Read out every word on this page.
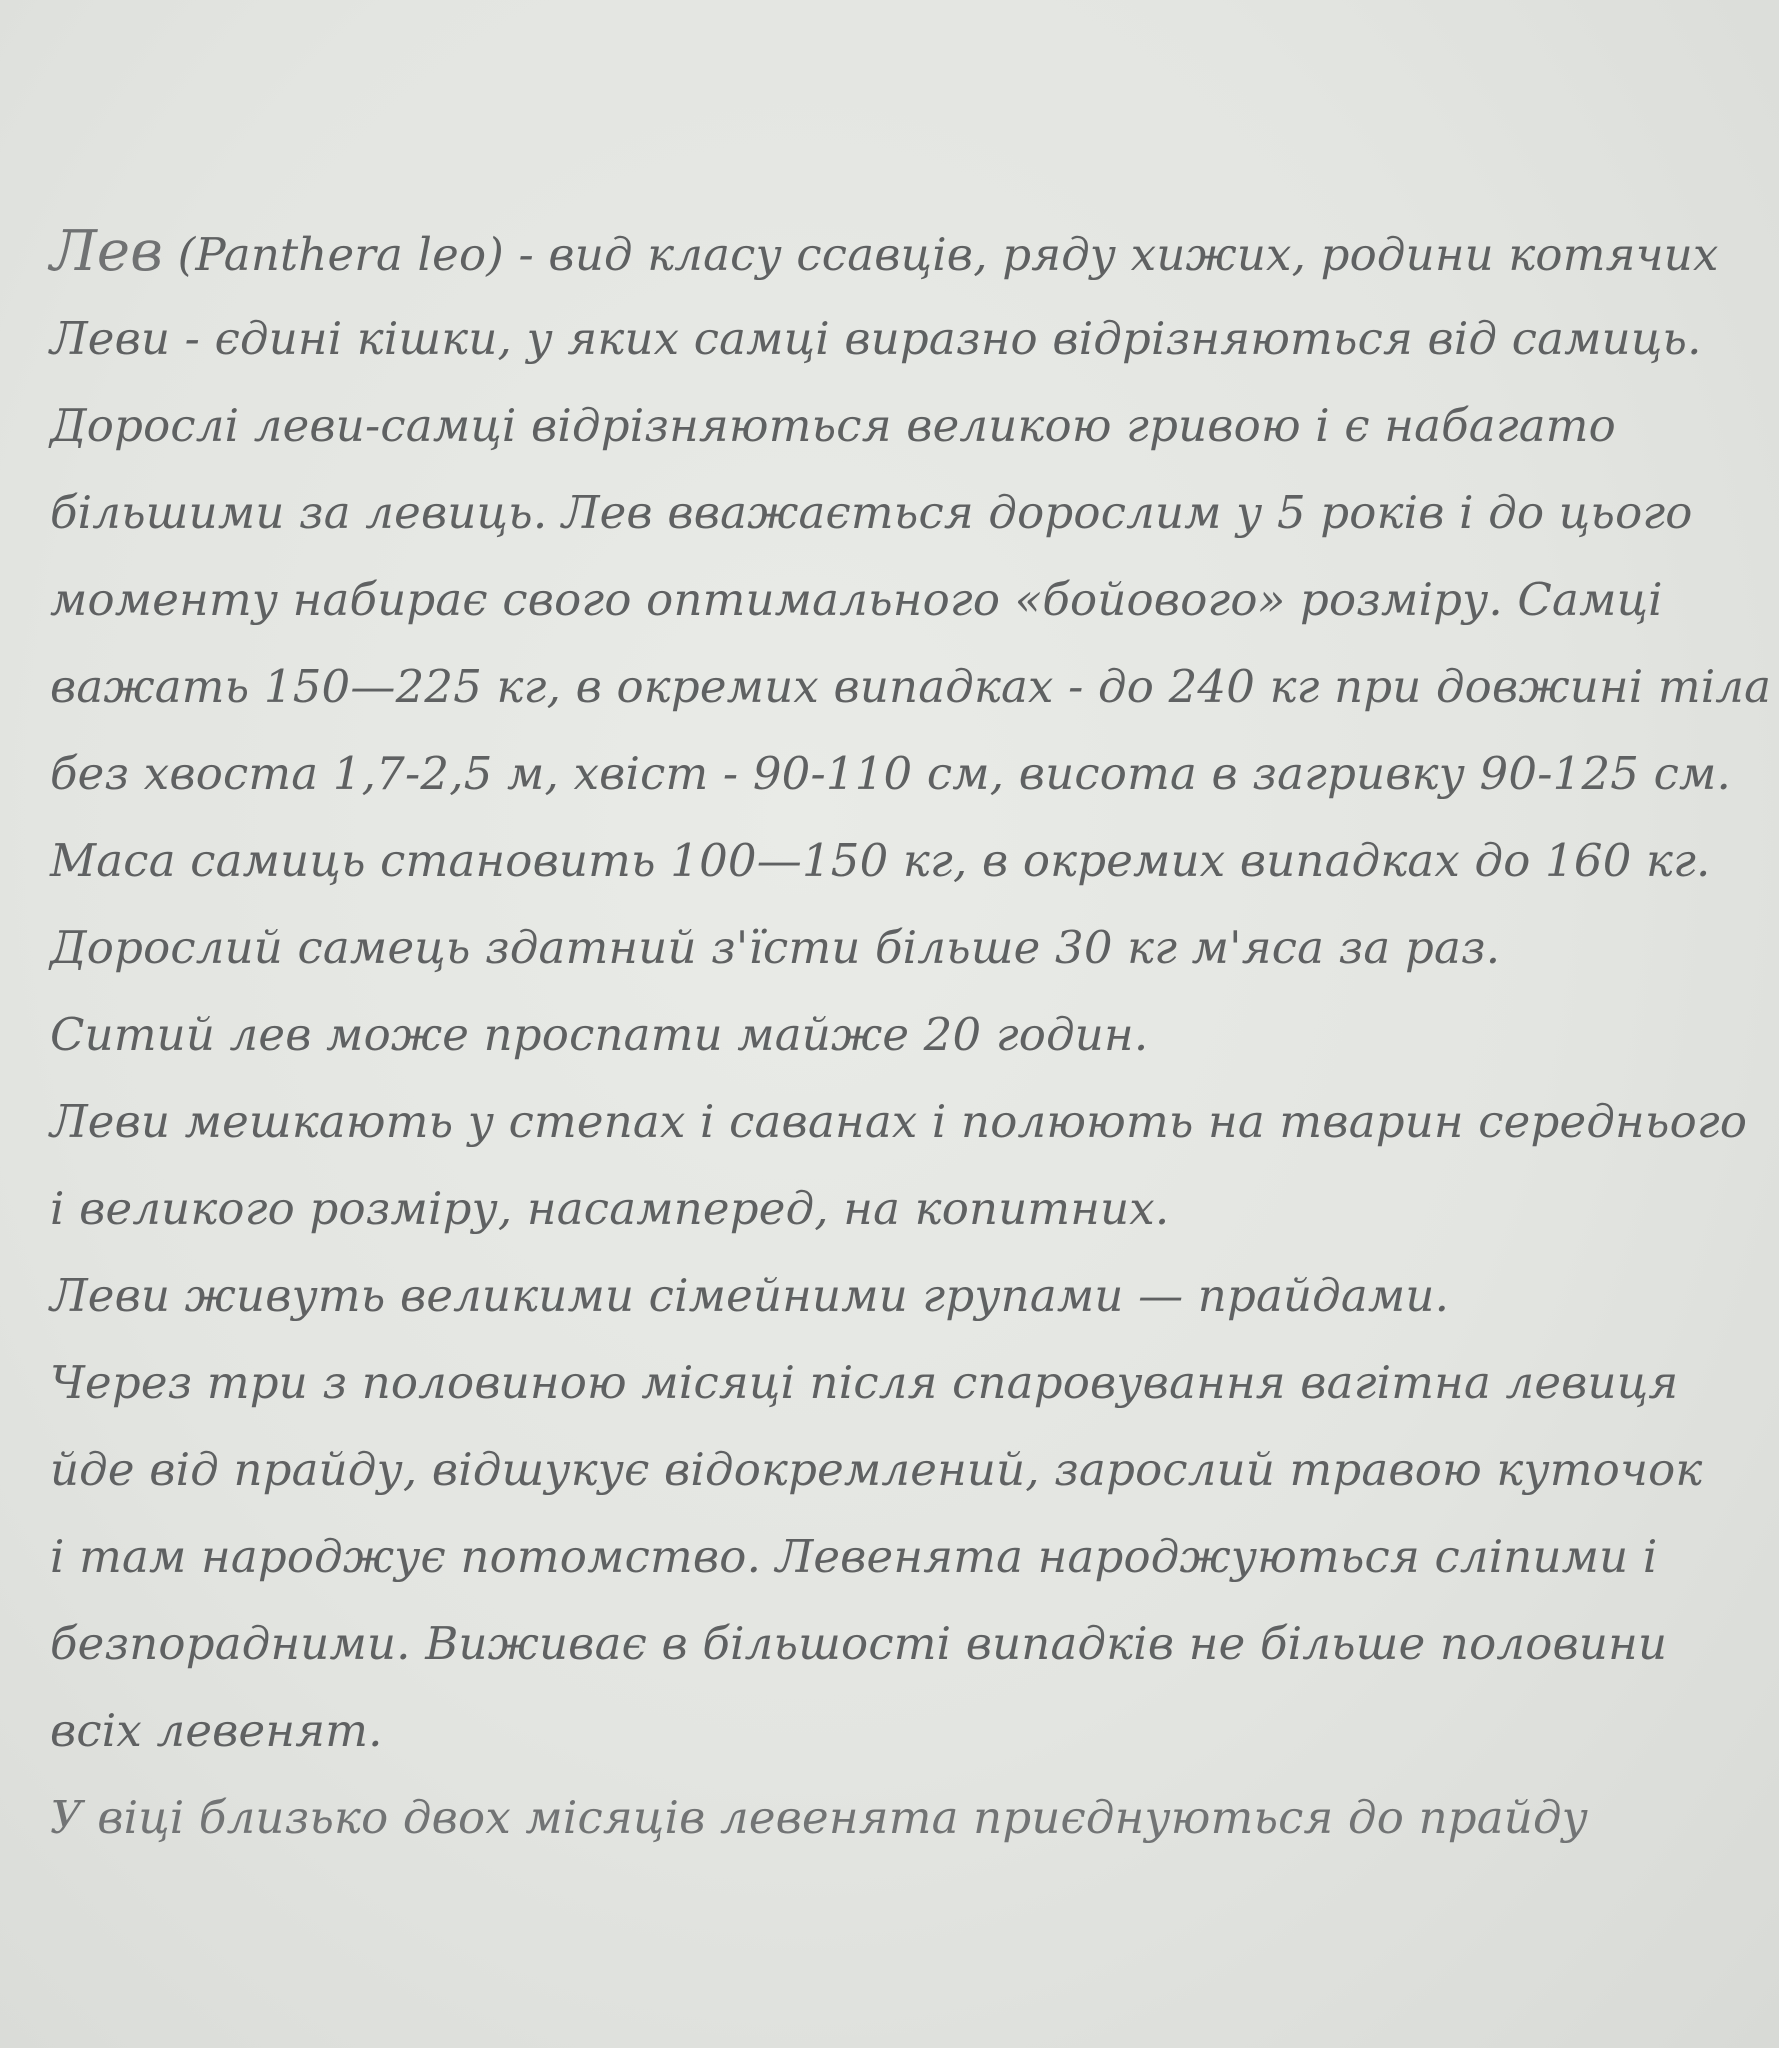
Лев (Panthera leo) - вид класу ссавців, ряду хижих, родини котячих
Леви - єдині кішки, у яких самці виразно відрізняються від самиць.
Дорослі леви-самці відрізняються великою гривою і є набагато
більшими за левиць. Лев вважається дорослим у 5 років і до цього
моменту набирає свого оптимального «бойового» розміру. Самці
важать 150—225 кг, в окремих випадках - до 240 кг при довжині тіла
без хвоста 1,7-2,5 м, хвіст - 90-110 см, висота в загривку 90-125 см.
Маса самиць становить 100—150 кг, в окремих випадках до 160 кг.
Дорослий самець здатний з'їсти більше 30 кг м'яса за раз.
Ситий лев може проспати майже 20 годин.
Леви мешкають у степах і саванах і полюють на тварин середнього
і великого розміру, насамперед, на копитних.
Леви живуть великими сімейними групами — прайдами.
Через три з половиною місяці після спаровування вагітна левиця
йде від прайду, відшукує відокремлений, зарослий травою куточок
і там народжує потомство. Левенята народжуються сліпими і
безпорадними. Виживає в більшості випадків не більше половини
всіх левенят.
У віці близько двох місяців левенята приєднуються до прайду
